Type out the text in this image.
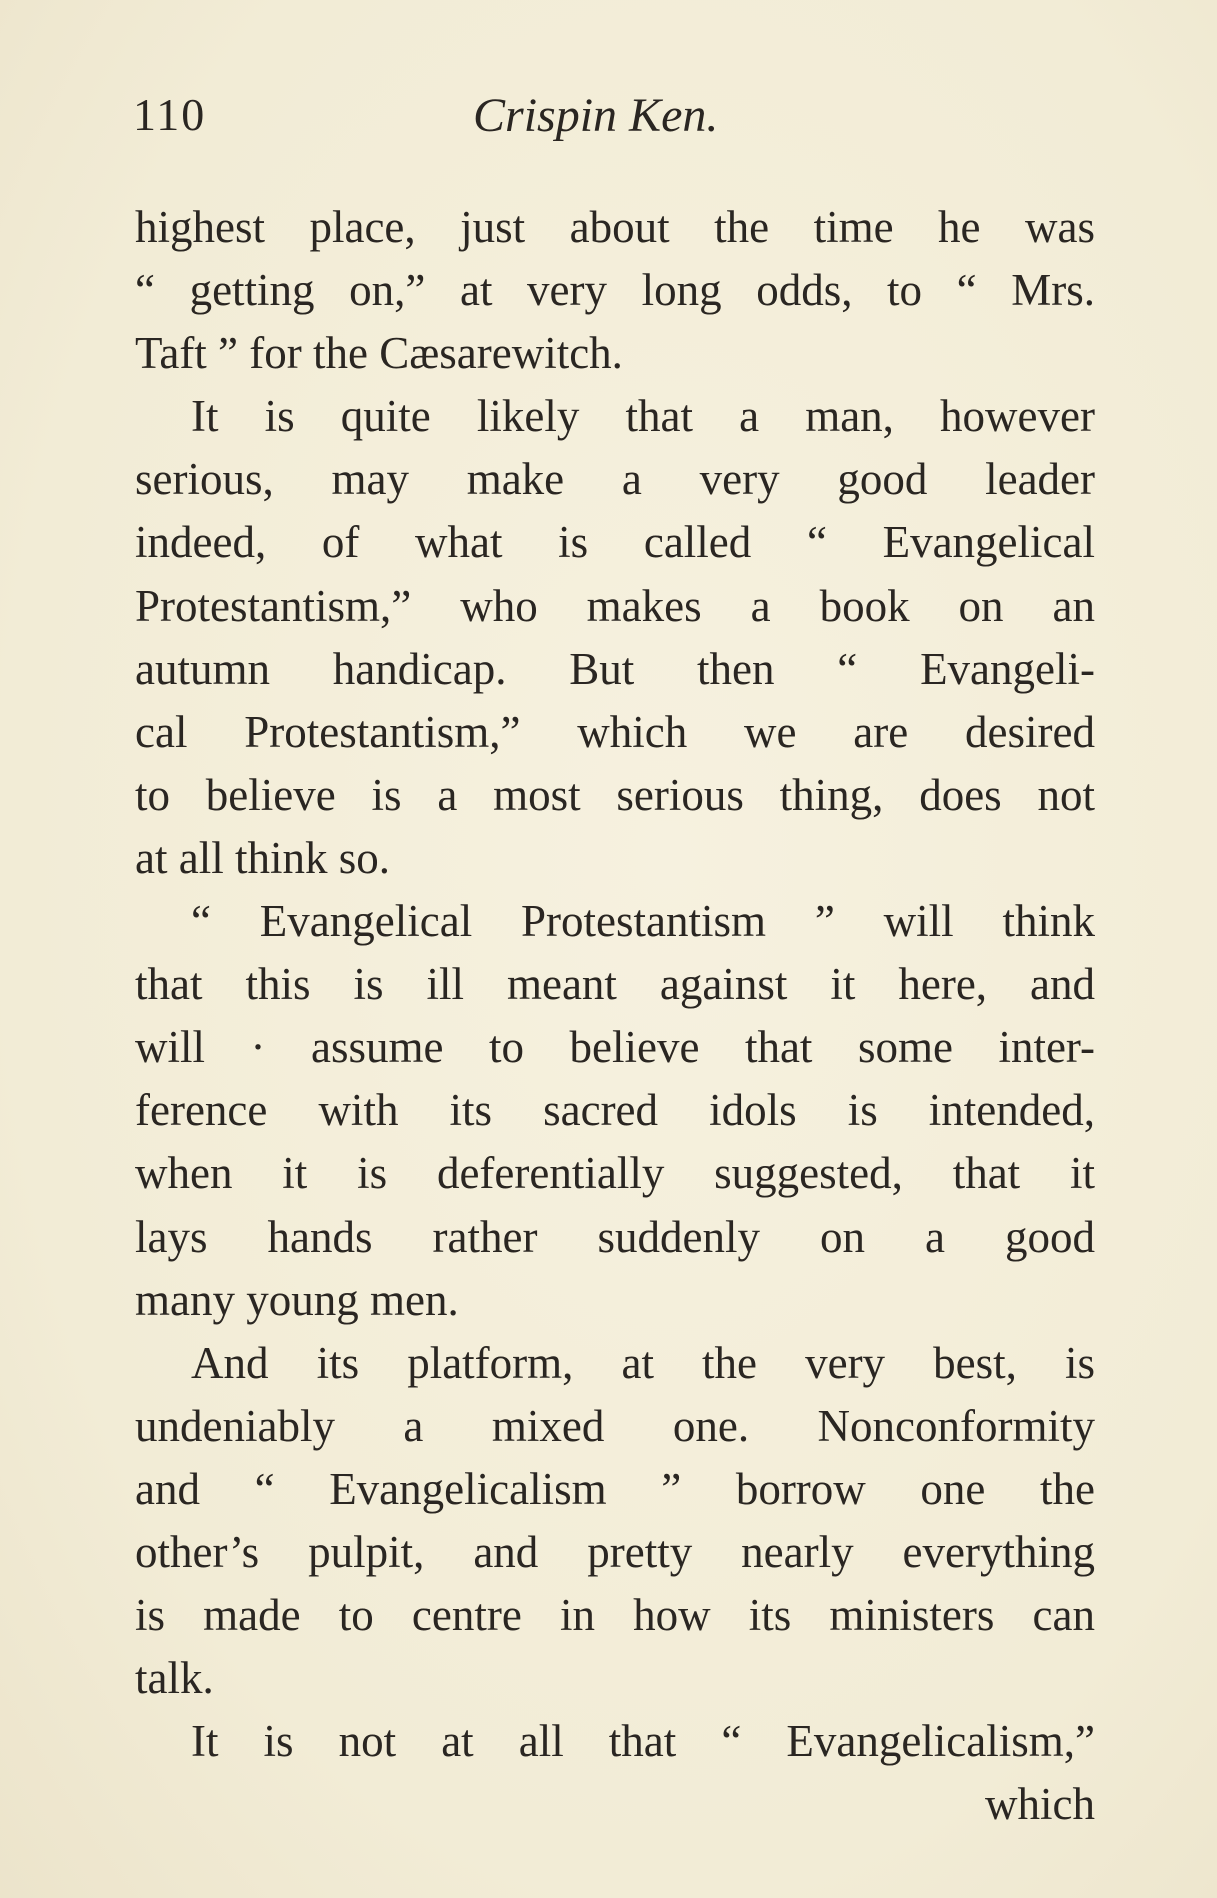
110	Crispin Ken.
highest place, just about the time he was
“ getting on,” at very long odds, to “ Mrs.
Taft ” for the Cæsarewitch.
It is quite likely that a man, however
serious, may make a very good leader
indeed, of what is called “ Evangelical
Protestantism,” who makes a book on an
autumn handicap. But then “ Evangeli-
cal Protestantism,” which we are desired
to believe is a most serious thing, does not
at all think so.
“ Evangelical Protestantism ” will think
that this is ill meant against it here, and
will · assume to believe that some inter-
ference with its sacred idols is intended,
when it is deferentially suggested, that it
lays hands rather suddenly on a good
many young men.
And its platform, at the very best, is
undeniably a mixed one. Nonconformity
and “ Evangelicalism ” borrow one the
other’s pulpit, and pretty nearly everything
is made to centre in how its ministers can
talk.
It is not at all that “ Evangelicalism,”
which
